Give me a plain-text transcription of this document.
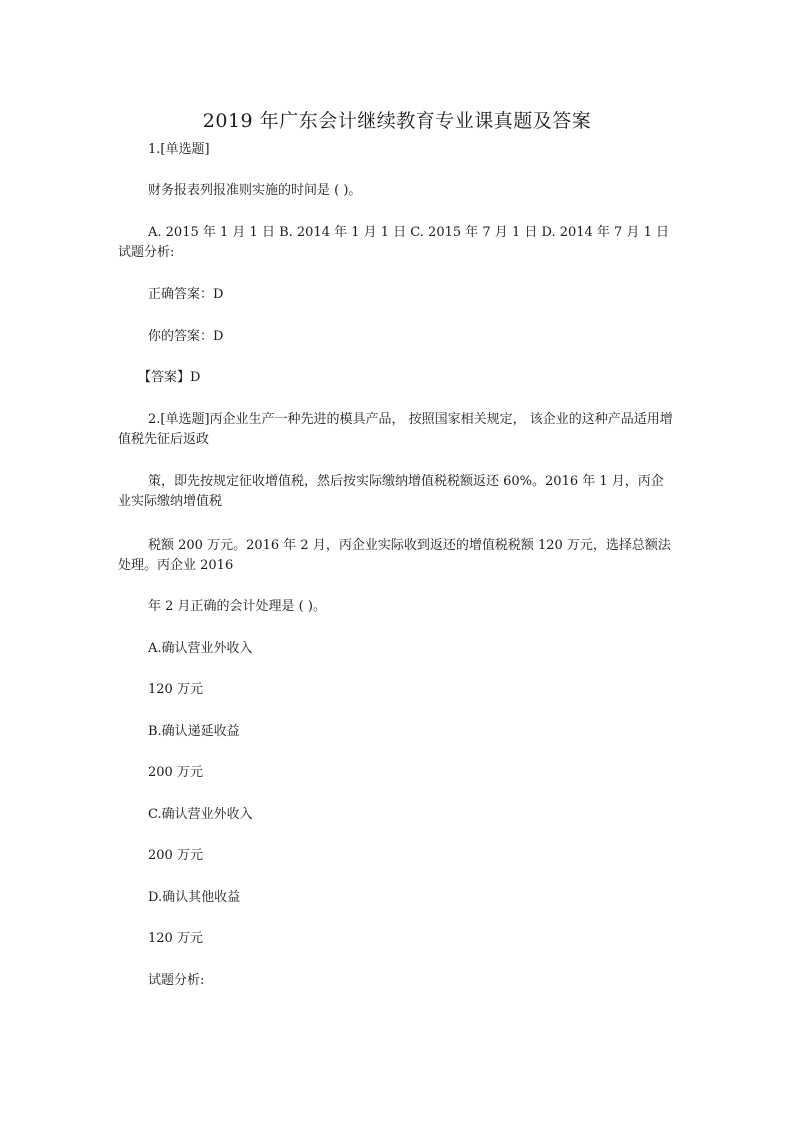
2019 年广东会计继续教育专业课真题及答案
1.[单选题]
财务报表列报准则实施的时间是 ( )。
A. 2015 年 1 月 1 日 B. 2014 年 1 月 1 日 C. 2015 年 7 月 1 日 D. 2014 年 7 月 1 日试题分析:
正确答案：D
你的答案：D
【答案】D
2.[单选题]丙企业生产一种先进的模具产品， 按照国家相关规定， 该企业的这种产品适用增值税先征后返政
策，即先按规定征收增值税，然后按实际缴纳增值税税额返还 60%。2016 年 1 月，丙企业实际缴纳增值税
税额 200 万元。2016 年 2 月，丙企业实际收到返还的增值税税额 120 万元，选择总额法处理。丙企业 2016
年 2 月正确的会计处理是 ( )。
A.确认营业外收入
120 万元
B.确认递延收益
200 万元
C.确认营业外收入
200 万元
D.确认其他收益
120 万元
试题分析:
